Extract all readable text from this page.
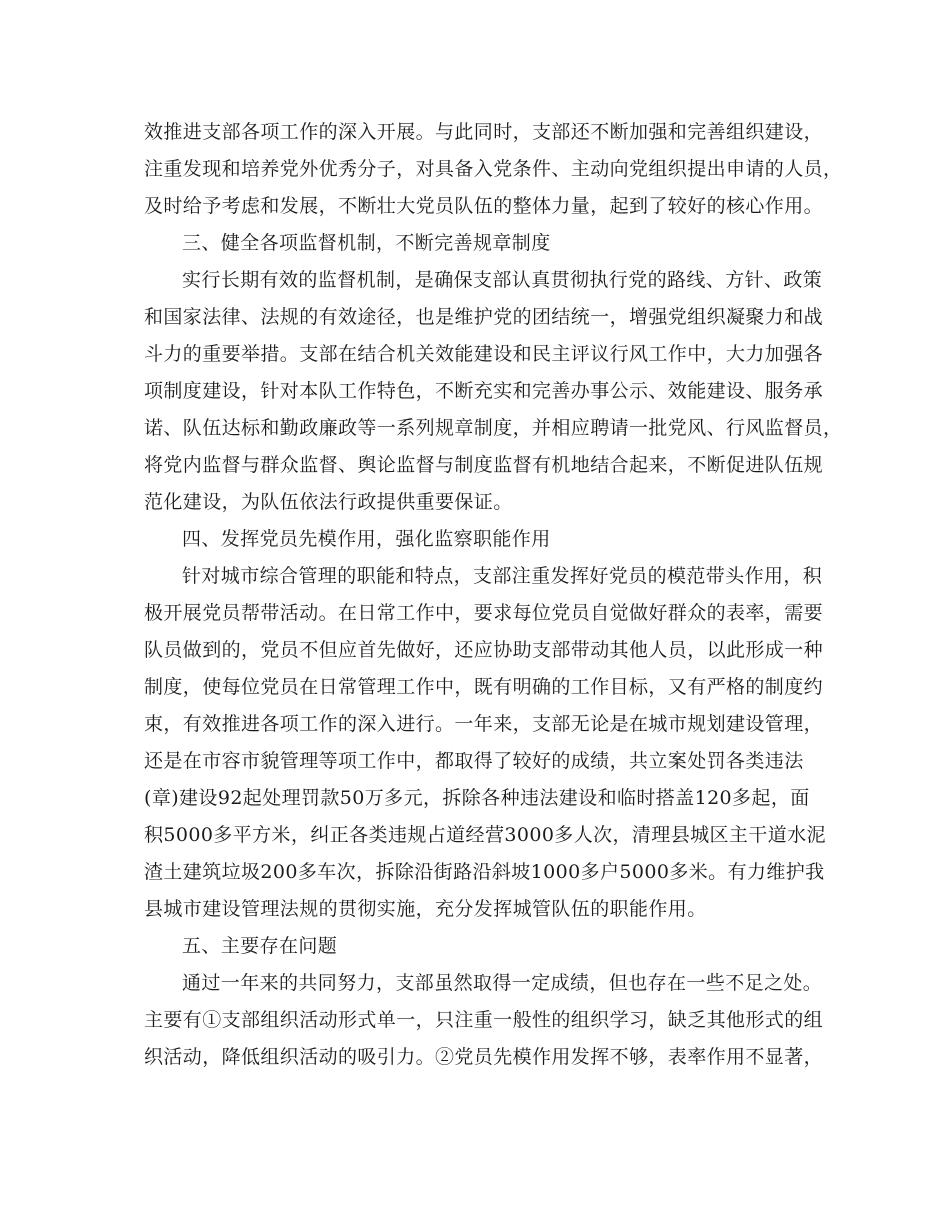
效推进支部各项工作的深入开展。与此同时，支部还不断加强和完善组织建设，
注重发现和培养党外优秀分子，对具备入党条件、主动向党组织提出申请的人员，
及时给予考虑和发展，不断壮大党员队伍的整体力量，起到了较好的核心作用。
三、健全各项监督机制，不断完善规章制度
实行长期有效的监督机制，是确保支部认真贯彻执行党的路线、方针、政策
和国家法律、法规的有效途径，也是维护党的团结统一，增强党组织凝聚力和战
斗力的重要举措。支部在结合机关效能建设和民主评议行风工作中，大力加强各
项制度建设，针对本队工作特色，不断充实和完善办事公示、效能建设、服务承
诺、队伍达标和勤政廉政等一系列规章制度，并相应聘请一批党风、行风监督员，
将党内监督与群众监督、舆论监督与制度监督有机地结合起来，不断促进队伍规
范化建设，为队伍依法行政提供重要保证。
四、发挥党员先模作用，强化监察职能作用
针对城市综合管理的职能和特点，支部注重发挥好党员的模范带头作用，积
极开展党员帮带活动。在日常工作中，要求每位党员自觉做好群众的表率，需要
队员做到的，党员不但应首先做好，还应协助支部带动其他人员，以此形成一种
制度，使每位党员在日常管理工作中，既有明确的工作目标，又有严格的制度约
束，有效推进各项工作的深入进行。一年来，支部无论是在城市规划建设管理，
还是在市容市貌管理等项工作中，都取得了较好的成绩，共立案处罚各类违法
(章)建设92起处理罚款50万多元，拆除各种违法建设和临时搭盖120多起，面
积5000多平方米，纠正各类违规占道经营3000多人次，清理县城区主干道水泥
渣土建筑垃圾200多车次，拆除沿街路沿斜坡1000多户5000多米。有力维护我
县城市建设管理法规的贯彻实施，充分发挥城管队伍的职能作用。
五、主要存在问题
通过一年来的共同努力，支部虽然取得一定成绩，但也存在一些不足之处。
主要有①支部组织活动形式单一，只注重一般性的组织学习，缺乏其他形式的组
织活动，降低组织活动的吸引力。②党员先模作用发挥不够，表率作用不显著，
